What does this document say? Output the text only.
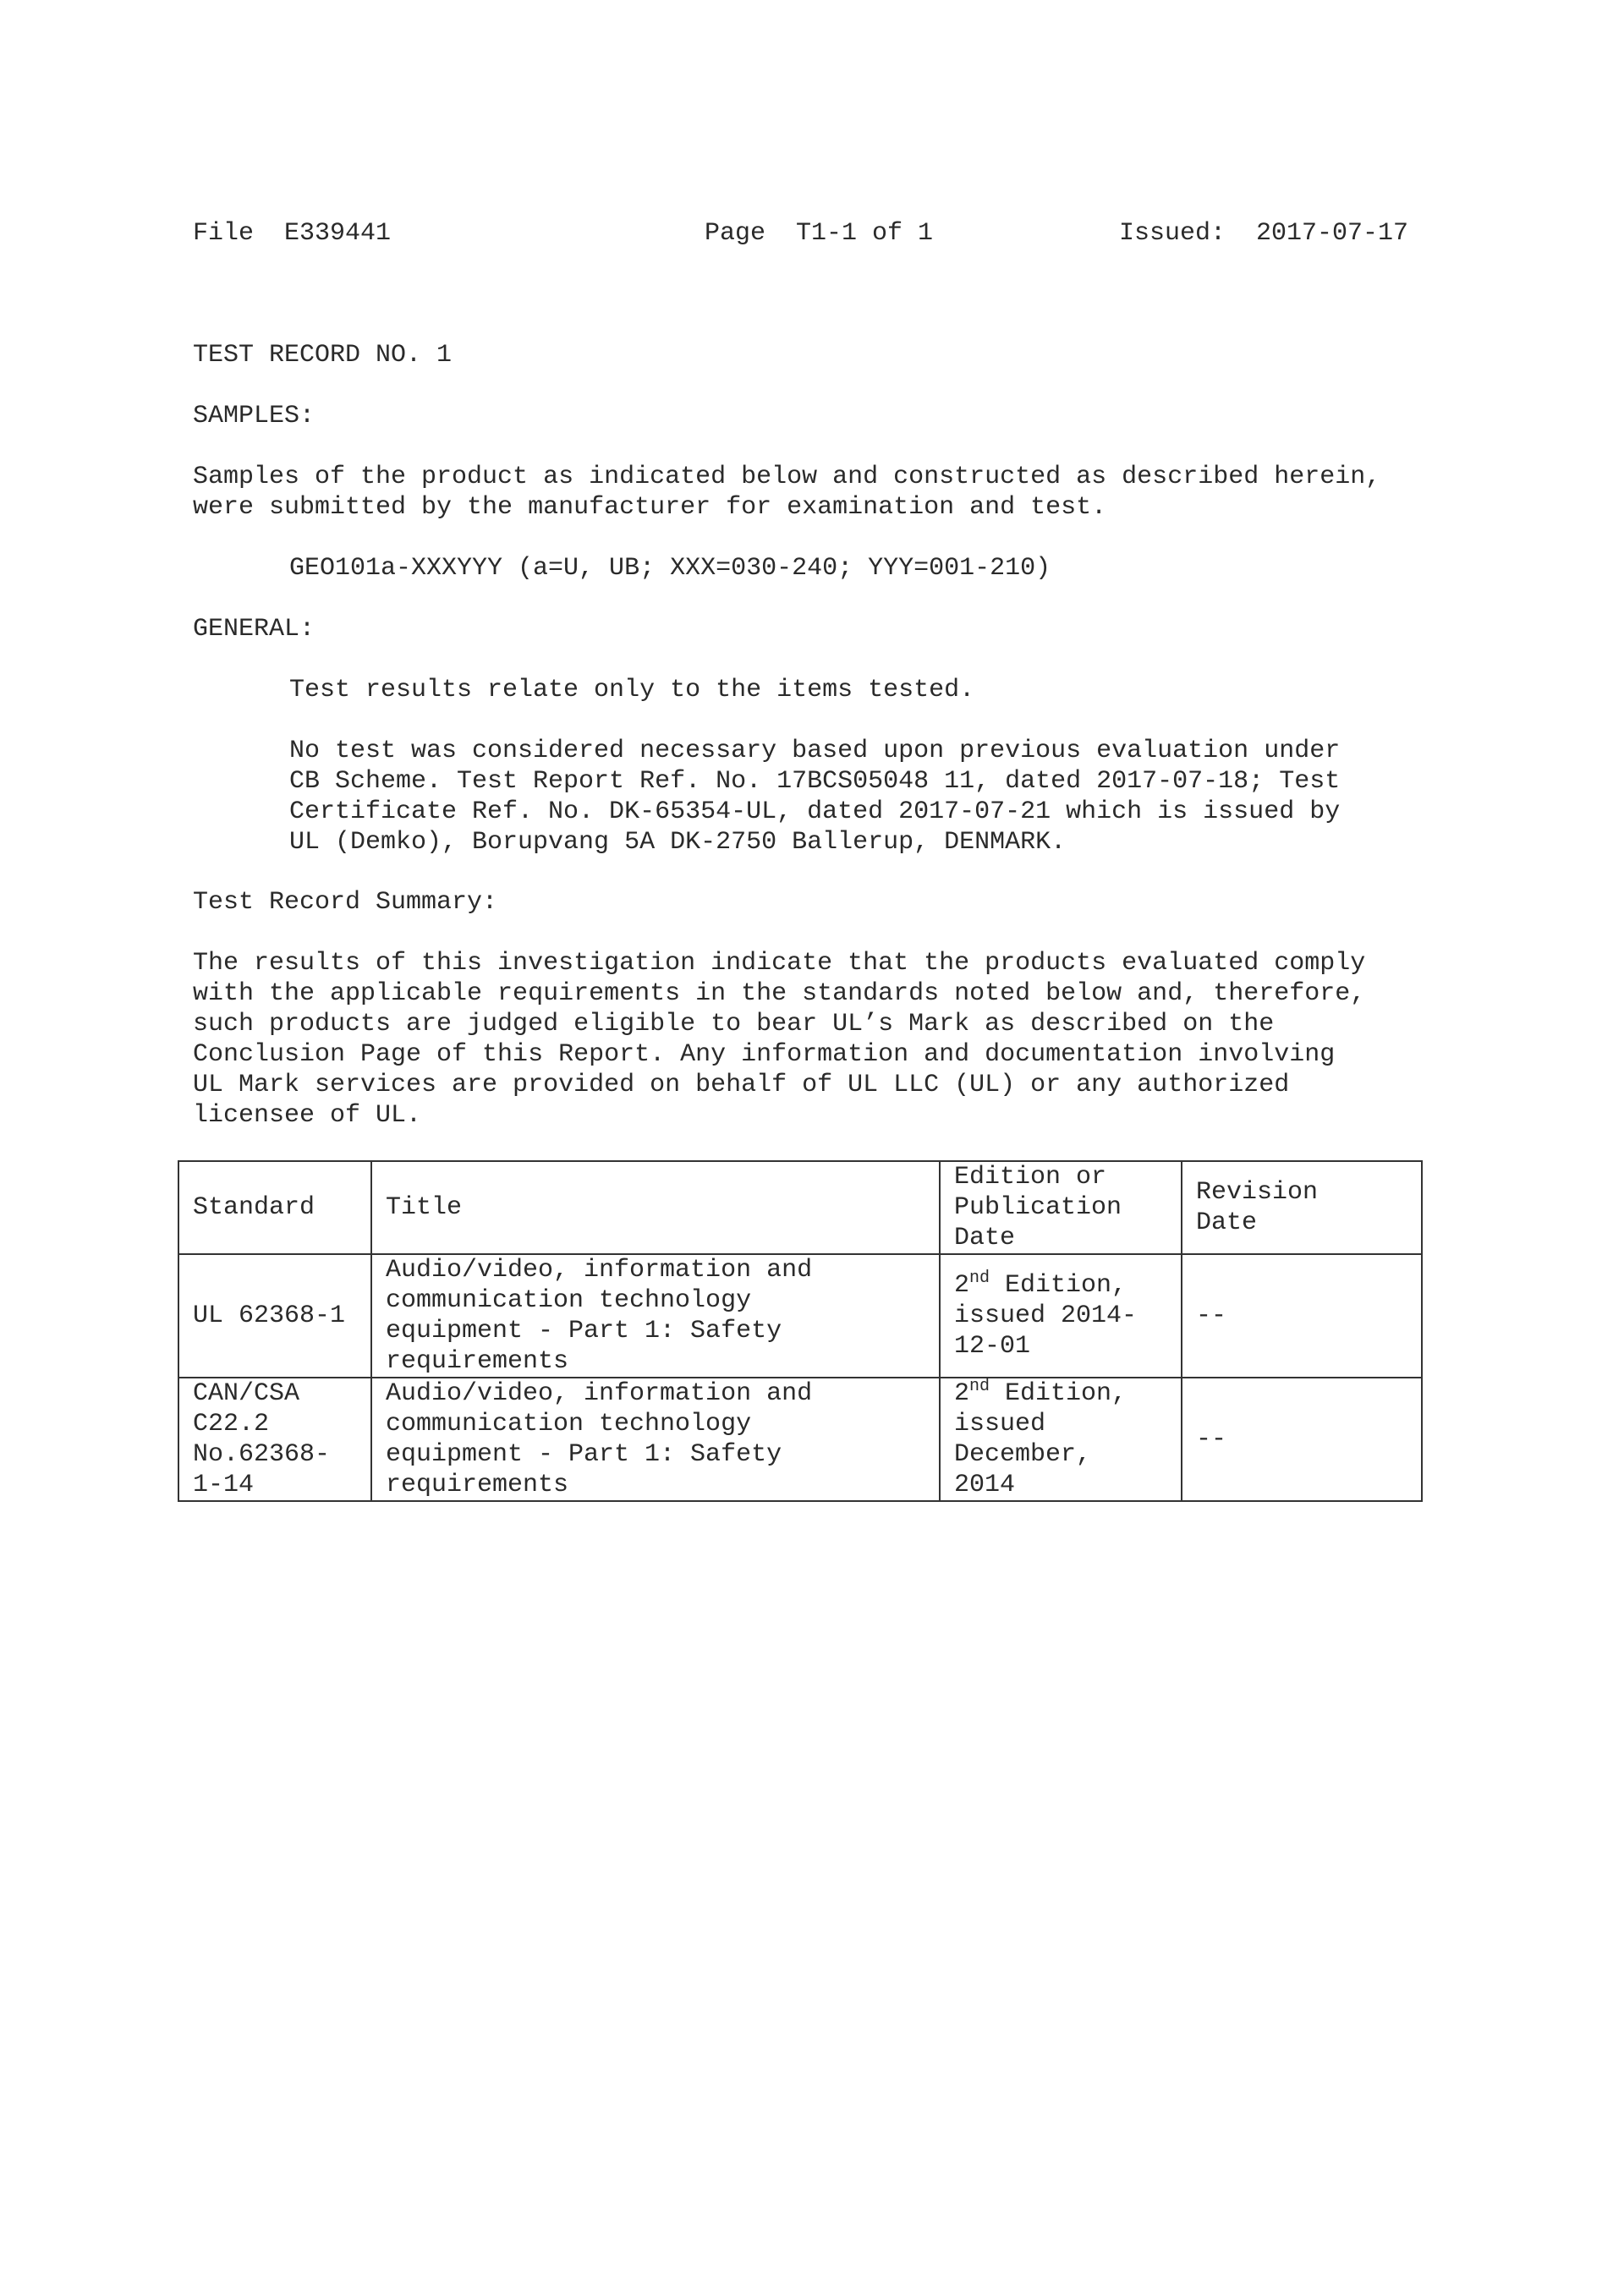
File  E339441	Page  T1-1 of 1	Issued:  2017-07-17
TEST RECORD NO. 1
SAMPLES:
Samples of the product as indicated below and constructed as described herein,
were submitted by the manufacturer for examination and test.
GEO101a-XXXYYY (a=U, UB; XXX=030-240; YYY=001-210)
GENERAL:
Test results relate only to the items tested.
No test was considered necessary based upon previous evaluation under
CB Scheme. Test Report Ref. No. 17BCS05048 11, dated 2017-07-18; Test
Certificate Ref. No. DK-65354-UL, dated 2017-07-21 which is issued by
UL (Demko), Borupvang 5A DK-2750 Ballerup, DENMARK.
Test Record Summary:
The results of this investigation indicate that the products evaluated comply
with the applicable requirements in the standards noted below and, therefore,
such products are judged eligible to bear UL’s Mark as described on the
Conclusion Page of this Report. Any information and documentation involving
UL Mark services are provided on behalf of UL LLC (UL) or any authorized
licensee of UL.
Standard	Title	Edition or
Publication
Date	Revision
Date
UL 62368-1	Audio/video, information and
communication technology
equipment - Part 1: Safety
requirements	2nd Edition,
issued 2014-
12-01	--
CAN/CSA
C22.2
No.62368-
1-14	Audio/video, information and
communication technology
equipment - Part 1: Safety
requirements	2nd Edition,
issued
December,
2014	--
